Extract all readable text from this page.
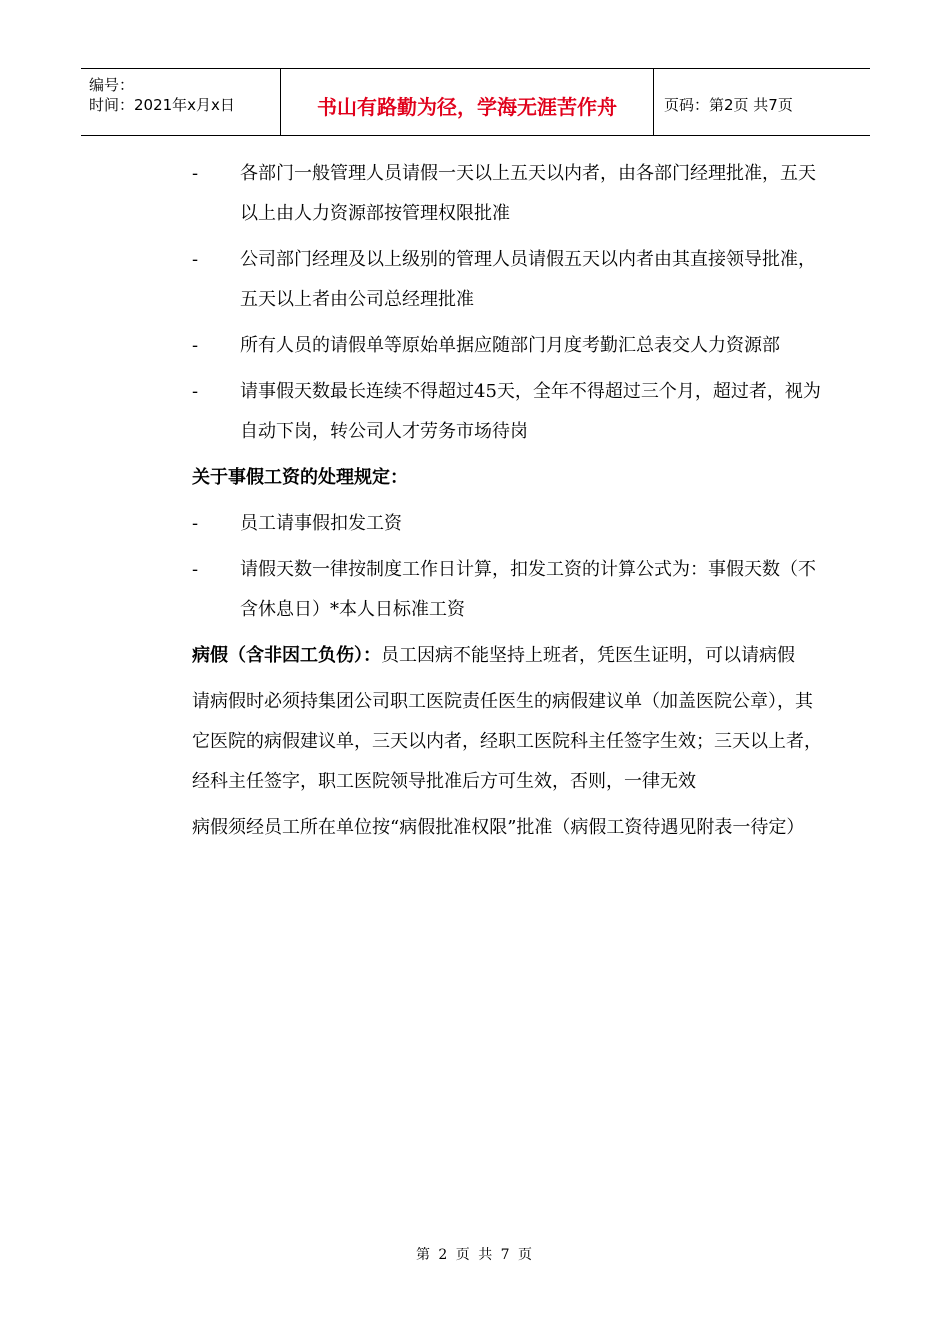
编号：
时间：2021年x月x日	书山有路勤为径，学海无涯苦作舟	页码：第2页 共7页
- 各部门一般管理人员请假一天以上五天以内者，由各部门经理批准，五天以上由人力资源部按管理权限批准
- 公司部门经理及以上级别的管理人员请假五天以内者由其直接领导批准，五天以上者由公司总经理批准
- 所有人员的请假单等原始单据应随部门月度考勤汇总表交人力资源部
- 请事假天数最长连续不得超过45天，全年不得超过三个月，超过者，视为自动下岗，转公司人才劳务市场待岗
关于事假工资的处理规定：
- 员工请事假扣发工资
- 请假天数一律按制度工作日计算，扣发工资的计算公式为：事假天数（不含休息日）*本人日标准工资
病假（含非因工负伤）：员工因病不能坚持上班者，凭医生证明，可以请病假
请病假时必须持集团公司职工医院责任医生的病假建议单（加盖医院公章），其它医院的病假建议单，三天以内者，经职工医院科主任签字生效；三天以上者，经科主任签字，职工医院领导批准后方可生效，否则，一律无效
病假须经员工所在单位按“病假批准权限”批准（病假工资待遇见附表一待定）
第 2 页 共 7 页
